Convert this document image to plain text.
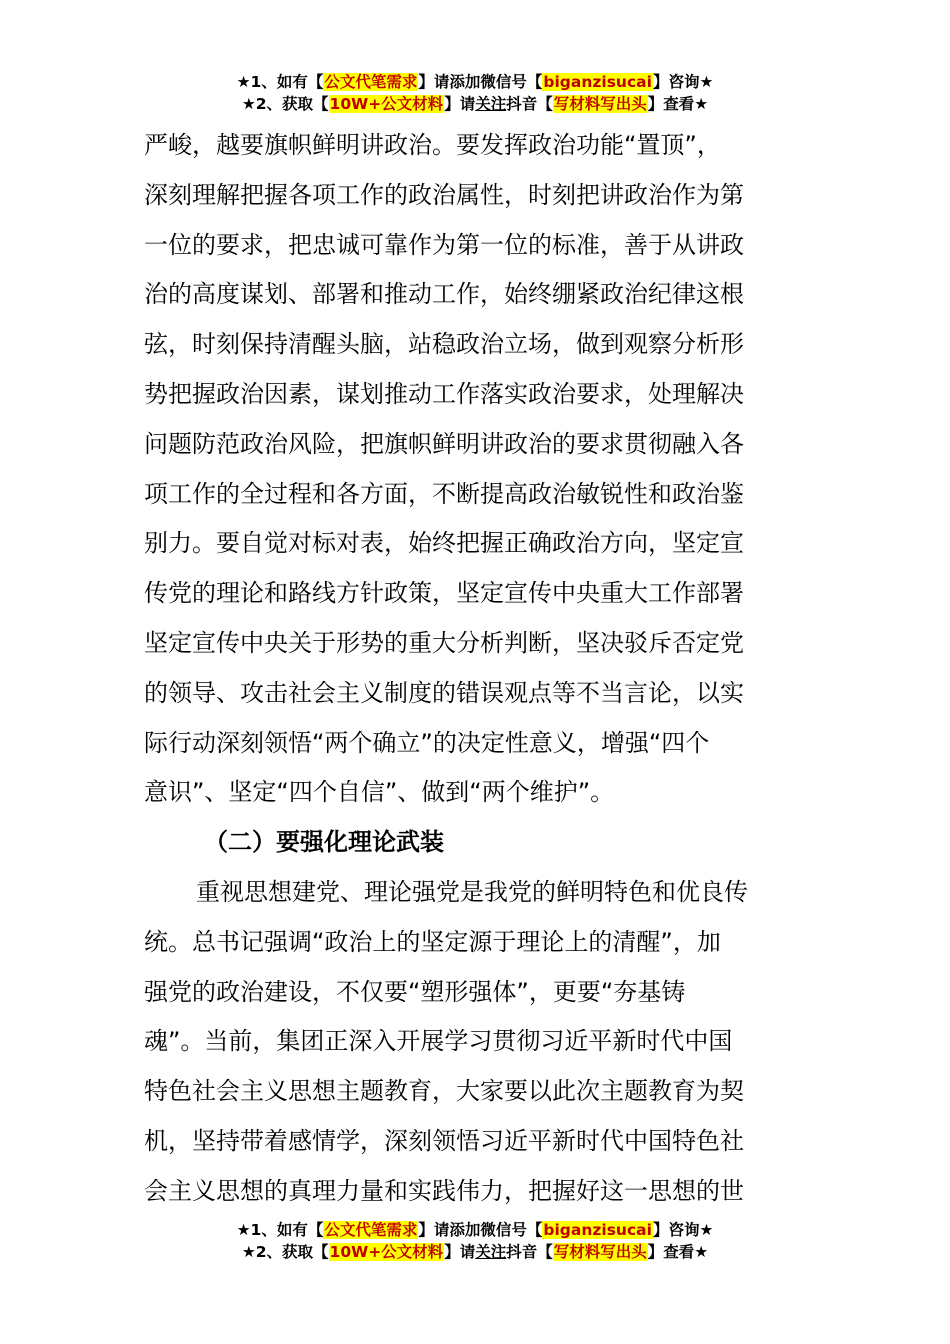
★1、如有【公文代笔需求】请添加微信号【biganzisucai】咨询★
★2、获取【10W+公文材料】请关注抖音【写材料写出头】查看★
严峻，越要旗帜鲜明讲政治。要发挥政治功能“置顶”，
深刻理解把握各项工作的政治属性，时刻把讲政治作为第
一位的要求，把忠诚可靠作为第一位的标准，善于从讲政
治的高度谋划、部署和推动工作，始终绷紧政治纪律这根
弦，时刻保持清醒头脑，站稳政治立场，做到观察分析形
势把握政治因素，谋划推动工作落实政治要求，处理解决
问题防范政治风险，把旗帜鲜明讲政治的要求贯彻融入各
项工作的全过程和各方面，不断提高政治敏锐性和政治鉴
别力。要自觉对标对表，始终把握正确政治方向，坚定宣
传党的理论和路线方针政策，坚定宣传中央重大工作部署
坚定宣传中央关于形势的重大分析判断，坚决驳斥否定党
的领导、攻击社会主义制度的错误观点等不当言论，以实
际行动深刻领悟“两个确立”的决定性意义，增强“四个
意识”、坚定“四个自信”、做到“两个维护”。
（二）要强化理论武装
重视思想建党、理论强党是我党的鲜明特色和优良传
统。总书记强调“政治上的坚定源于理论上的清醒”，加
强党的政治建设，不仅要“塑形强体”，更要“夯基铸
魂”。当前，集团正深入开展学习贯彻习近平新时代中国
特色社会主义思想主题教育，大家要以此次主题教育为契
机，坚持带着感情学，深刻领悟习近平新时代中国特色社
会主义思想的真理力量和实践伟力，把握好这一思想的世
★1、如有【公文代笔需求】请添加微信号【biganzisucai】咨询★
★2、获取【10W+公文材料】请关注抖音【写材料写出头】查看★
